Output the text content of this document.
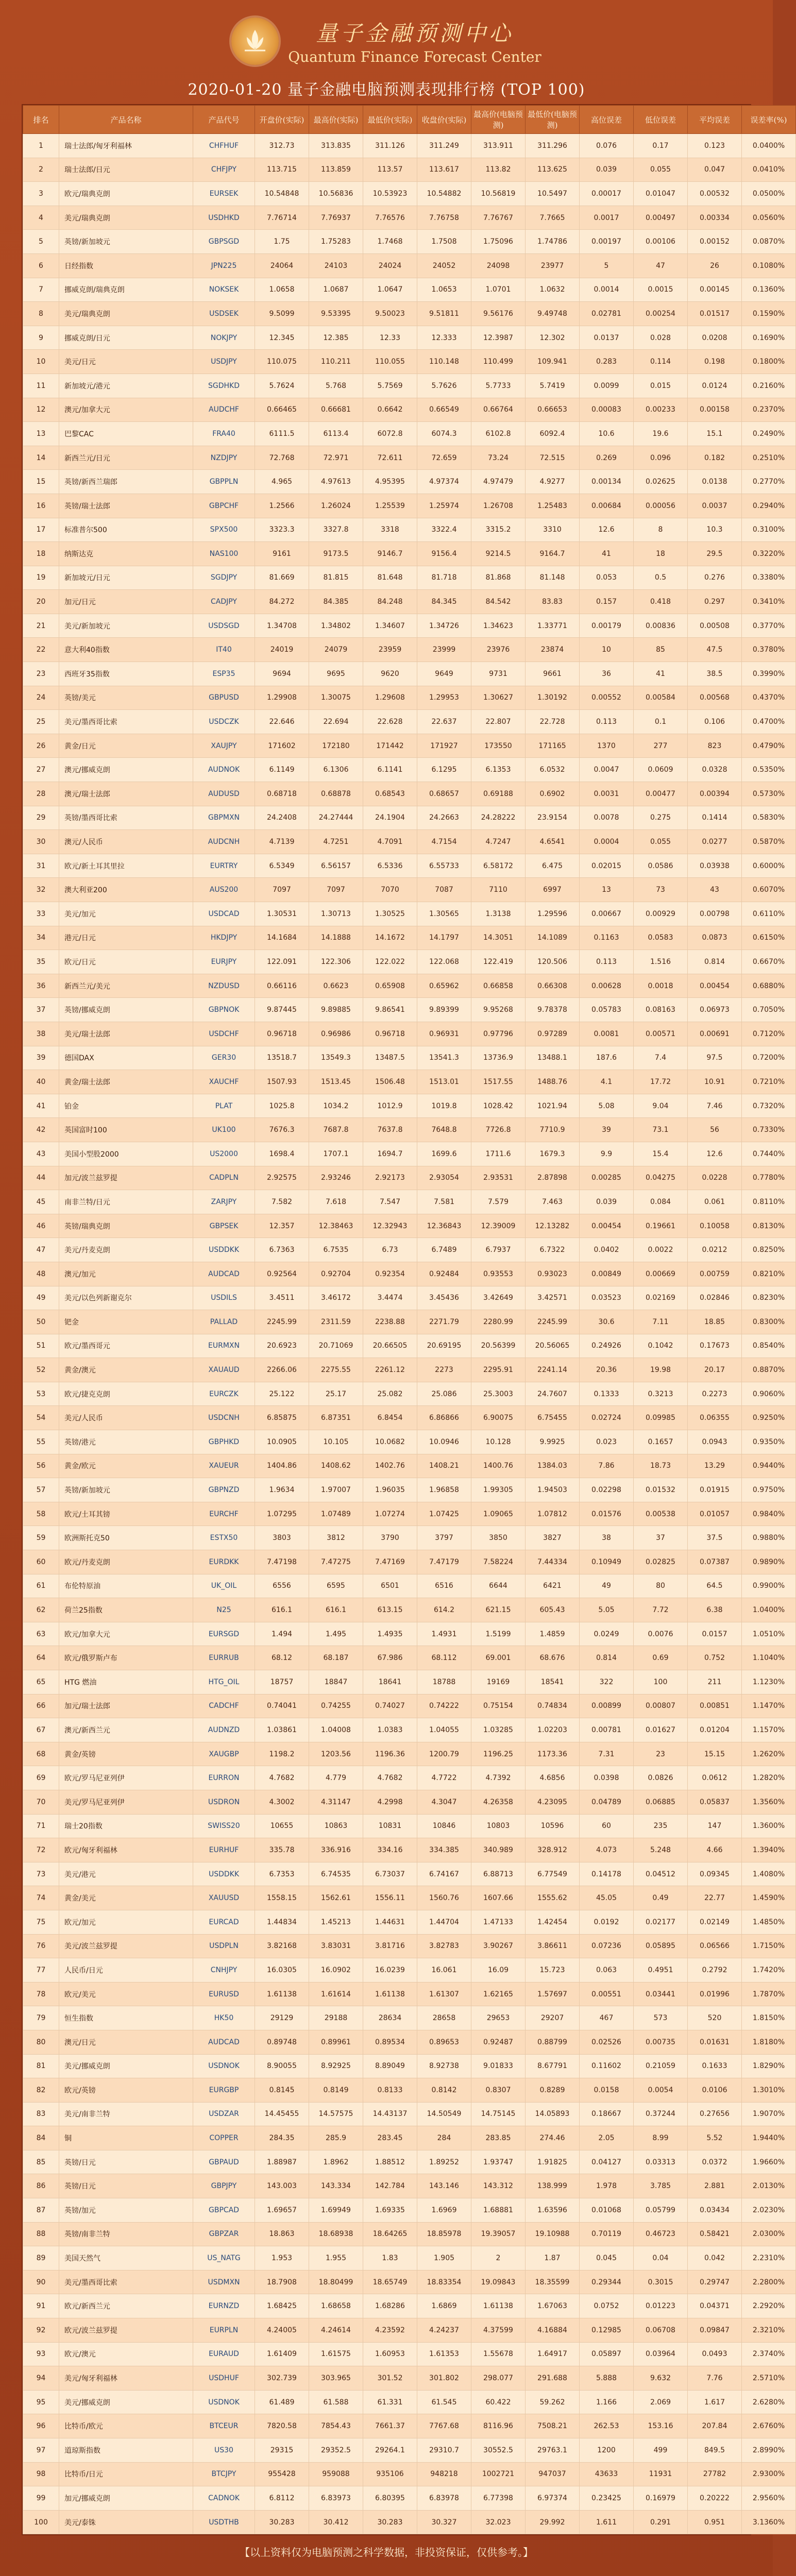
量子金融预测中心
Quantum Finance Forecast Center
2020-01-20 量子金融电脑预测表现排行榜 (TOP 100)
排名	产品名称	产品代号	开盘价(实际)	最高价(实际)	最低价(实际)	收盘价(实际)	最高价(电脑预测)	最低价(电脑预测)	高位误差	低位误差	平均误差	误差率(%)
1	瑞士法郎/匈牙利福林	CHFHUF	312.73	313.835	311.126	311.249	313.911	311.296	0.076	0.17	0.123	0.0400%
2	瑞士法郎/日元	CHFJPY	113.715	113.859	113.57	113.617	113.82	113.625	0.039	0.055	0.047	0.0410%
3	欧元/瑞典克朗	EURSEK	10.54848	10.56836	10.53923	10.54882	10.56819	10.5497	0.00017	0.01047	0.00532	0.0500%
4	美元/瑞典克朗	USDHKD	7.76714	7.76937	7.76576	7.76758	7.76767	7.7665	0.0017	0.00497	0.00334	0.0560%
5	英镑/新加坡元	GBPSGD	1.75	1.75283	1.7468	1.7508	1.75096	1.74786	0.00197	0.00106	0.00152	0.0870%
6	日经指数	JPN225	24064	24103	24024	24052	24098	23977	5	47	26	0.1080%
7	挪威克朗/瑞典克朗	NOKSEK	1.0658	1.0687	1.0647	1.0653	1.0701	1.0632	0.0014	0.0015	0.00145	0.1360%
8	美元/瑞典克朗	USDSEK	9.5099	9.53395	9.50023	9.51811	9.56176	9.49748	0.02781	0.00254	0.01517	0.1590%
9	挪威克朗/日元	NOKJPY	12.345	12.385	12.33	12.333	12.3987	12.302	0.0137	0.028	0.0208	0.1690%
10	美元/日元	USDJPY	110.075	110.211	110.055	110.148	110.499	109.941	0.283	0.114	0.198	0.1800%
11	新加坡元/港元	SGDHKD	5.7624	5.768	5.7569	5.7626	5.7733	5.7419	0.0099	0.015	0.0124	0.2160%
12	澳元/加拿大元	AUDCHF	0.66465	0.66681	0.6642	0.66549	0.66764	0.66653	0.00083	0.00233	0.00158	0.2370%
13	巴黎CAC	FRA40	6111.5	6113.4	6072.8	6074.3	6102.8	6092.4	10.6	19.6	15.1	0.2490%
14	新西兰元/日元	NZDJPY	72.768	72.971	72.611	72.659	73.24	72.515	0.269	0.096	0.182	0.2510%
15	英镑/新西兰瑞郎	GBPPLN	4.965	4.97613	4.95395	4.97374	4.97479	4.9277	0.00134	0.02625	0.0138	0.2770%
16	英镑/瑞士法郎	GBPCHF	1.2566	1.26024	1.25539	1.25974	1.26708	1.25483	0.00684	0.00056	0.0037	0.2940%
17	标准普尔500	SPX500	3323.3	3327.8	3318	3322.4	3315.2	3310	12.6	8	10.3	0.3100%
18	纳斯达克	NAS100	9161	9173.5	9146.7	9156.4	9214.5	9164.7	41	18	29.5	0.3220%
19	新加坡元/日元	SGDJPY	81.669	81.815	81.648	81.718	81.868	81.148	0.053	0.5	0.276	0.3380%
20	加元/日元	CADJPY	84.272	84.385	84.248	84.345	84.542	83.83	0.157	0.418	0.297	0.3410%
21	美元/新加坡元	USDSGD	1.34708	1.34802	1.34607	1.34726	1.34623	1.33771	0.00179	0.00836	0.00508	0.3770%
22	意大利40指数	IT40	24019	24079	23959	23999	23976	23874	10	85	47.5	0.3780%
23	西班牙35指数	ESP35	9694	9695	9620	9649	9731	9661	36	41	38.5	0.3990%
24	英镑/美元	GBPUSD	1.29908	1.30075	1.29608	1.29953	1.30627	1.30192	0.00552	0.00584	0.00568	0.4370%
25	美元/墨西哥比索	USDCZK	22.646	22.694	22.628	22.637	22.807	22.728	0.113	0.1	0.106	0.4700%
26	黄金/日元	XAUJPY	171602	172180	171442	171927	173550	171165	1370	277	823	0.4790%
27	澳元/挪威克朗	AUDNOK	6.1149	6.1306	6.1141	6.1295	6.1353	6.0532	0.0047	0.0609	0.0328	0.5350%
28	澳元/瑞士法郎	AUDUSD	0.68718	0.68878	0.68543	0.68657	0.69188	0.6902	0.0031	0.00477	0.00394	0.5730%
29	英镑/墨西哥比索	GBPMXN	24.2408	24.27444	24.1904	24.2663	24.28222	23.9154	0.0078	0.275	0.1414	0.5830%
30	澳元/人民币	AUDCNH	4.7139	4.7251	4.7091	4.7154	4.7247	4.6541	0.0004	0.055	0.0277	0.5870%
31	欧元/新土耳其里拉	EURTRY	6.5349	6.56157	6.5336	6.55733	6.58172	6.475	0.02015	0.0586	0.03938	0.6000%
32	澳大利亚200	AUS200	7097	7097	7070	7087	7110	6997	13	73	43	0.6070%
33	美元/加元	USDCAD	1.30531	1.30713	1.30525	1.30565	1.3138	1.29596	0.00667	0.00929	0.00798	0.6110%
34	港元/日元	HKDJPY	14.1684	14.1888	14.1672	14.1797	14.3051	14.1089	0.1163	0.0583	0.0873	0.6150%
35	欧元/日元	EURJPY	122.091	122.306	122.022	122.068	122.419	120.506	0.113	1.516	0.814	0.6670%
36	新西兰元/美元	NZDUSD	0.66116	0.6623	0.65908	0.65962	0.66858	0.66308	0.00628	0.0018	0.00454	0.6880%
37	英镑/挪威克朗	GBPNOK	9.87445	9.89885	9.86541	9.89399	9.95268	9.78378	0.05783	0.08163	0.06973	0.7050%
38	美元/瑞士法郎	USDCHF	0.96718	0.96986	0.96718	0.96931	0.97796	0.97289	0.0081	0.00571	0.00691	0.7120%
39	德国DAX	GER30	13518.7	13549.3	13487.5	13541.3	13736.9	13488.1	187.6	7.4	97.5	0.7200%
40	黄金/瑞士法郎	XAUCHF	1507.93	1513.45	1506.48	1513.01	1517.55	1488.76	4.1	17.72	10.91	0.7210%
41	铂金	PLAT	1025.8	1034.2	1012.9	1019.8	1028.42	1021.94	5.08	9.04	7.46	0.7320%
42	英国富时100	UK100	7676.3	7687.8	7637.8	7648.8	7726.8	7710.9	39	73.1	56	0.7330%
43	美国小型股2000	US2000	1698.4	1707.1	1694.7	1699.6	1711.6	1679.3	9.9	15.4	12.6	0.7440%
44	加元/波兰兹罗提	CADPLN	2.92575	2.93246	2.92173	2.93054	2.93531	2.87898	0.00285	0.04275	0.0228	0.7780%
45	南非兰特/日元	ZARJPY	7.582	7.618	7.547	7.581	7.579	7.463	0.039	0.084	0.061	0.8110%
46	英镑/瑞典克朗	GBPSEK	12.357	12.38463	12.32943	12.36843	12.39009	12.13282	0.00454	0.19661	0.10058	0.8130%
47	美元/丹麦克朗	USDDKK	6.7363	6.7535	6.73	6.7489	6.7937	6.7322	0.0402	0.0022	0.0212	0.8250%
48	澳元/加元	AUDCAD	0.92564	0.92704	0.92354	0.92484	0.93553	0.93023	0.00849	0.00669	0.00759	0.8210%
49	美元/以色列新谢克尔	USDILS	3.4511	3.46172	3.4474	3.45436	3.42649	3.42571	0.03523	0.02169	0.02846	0.8230%
50	钯金	PALLAD	2245.99	2311.59	2238.88	2271.79	2280.99	2245.99	30.6	7.11	18.85	0.8300%
51	欧元/墨西哥元	EURMXN	20.6923	20.71069	20.66505	20.69195	20.56399	20.56065	0.24926	0.1042	0.17673	0.8540%
52	黄金/澳元	XAUAUD	2266.06	2275.55	2261.12	2273	2295.91	2241.14	20.36	19.98	20.17	0.8870%
53	欧元/捷克克朗	EURCZK	25.122	25.17	25.082	25.086	25.3003	24.7607	0.1333	0.3213	0.2273	0.9060%
54	美元/人民币	USDCNH	6.85875	6.87351	6.8454	6.86866	6.90075	6.75455	0.02724	0.09985	0.06355	0.9250%
55	英镑/港元	GBPHKD	10.0905	10.105	10.0682	10.0946	10.128	9.9925	0.023	0.1657	0.0943	0.9350%
56	黄金/欧元	XAUEUR	1404.86	1408.62	1402.76	1408.21	1400.76	1384.03	7.86	18.73	13.29	0.9440%
57	英镑/新加坡元	GBPNZD	1.9634	1.97007	1.96035	1.96858	1.99305	1.94503	0.02298	0.01532	0.01915	0.9750%
58	欧元/土耳其镑	EURCHF	1.07295	1.07489	1.07274	1.07425	1.09065	1.07812	0.01576	0.00538	0.01057	0.9840%
59	欧洲斯托克50	ESTX50	3803	3812	3790	3797	3850	3827	38	37	37.5	0.9880%
60	欧元/丹麦克朗	EURDKK	7.47198	7.47275	7.47169	7.47179	7.58224	7.44334	0.10949	0.02825	0.07387	0.9890%
61	布伦特原油	UK_OIL	6556	6595	6501	6516	6644	6421	49	80	64.5	0.9900%
62	荷兰25指数	N25	616.1	616.1	613.15	614.2	621.15	605.43	5.05	7.72	6.38	1.0400%
63	欧元/加拿大元	EURSGD	1.494	1.495	1.4935	1.4931	1.5199	1.4859	0.0249	0.0076	0.0157	1.0510%
64	欧元/俄罗斯卢布	EURRUB	68.12	68.187	67.986	68.112	69.001	68.676	0.814	0.69	0.752	1.1040%
65	HTG 燃油	HTG_OIL	18757	18847	18641	18788	19169	18541	322	100	211	1.1230%
66	加元/瑞士法郎	CADCHF	0.74041	0.74255	0.74027	0.74222	0.75154	0.74834	0.00899	0.00807	0.00851	1.1470%
67	澳元/新西兰元	AUDNZD	1.03861	1.04008	1.0383	1.04055	1.03285	1.02203	0.00781	0.01627	0.01204	1.1570%
68	黄金/英镑	XAUGBP	1198.2	1203.56	1196.36	1200.79	1196.25	1173.36	7.31	23	15.15	1.2620%
69	欧元/罗马尼亚列伊	EURRON	4.7682	4.779	4.7682	4.7722	4.7392	4.6856	0.0398	0.0826	0.0612	1.2820%
70	美元/罗马尼亚列伊	USDRON	4.3002	4.31147	4.2998	4.3047	4.26358	4.23095	0.04789	0.06885	0.05837	1.3560%
71	瑞士20指数	SWISS20	10655	10863	10831	10846	10803	10596	60	235	147	1.3600%
72	欧元/匈牙利福林	EURHUF	335.78	336.916	334.16	334.385	340.989	328.912	4.073	5.248	4.66	1.3940%
73	美元/港元	USDDKK	6.7353	6.74535	6.73037	6.74167	6.88713	6.77549	0.14178	0.04512	0.09345	1.4080%
74	黄金/美元	XAUUSD	1558.15	1562.61	1556.11	1560.76	1607.66	1555.62	45.05	0.49	22.77	1.4590%
75	欧元/加元	EURCAD	1.44834	1.45213	1.44631	1.44704	1.47133	1.42454	0.0192	0.02177	0.02149	1.4850%
76	美元/波兰兹罗提	USDPLN	3.82168	3.83031	3.81716	3.82783	3.90267	3.86611	0.07236	0.05895	0.06566	1.7150%
77	人民币/日元	CNHJPY	16.0305	16.0902	16.0239	16.061	16.09	15.723	0.063	0.4951	0.2792	1.7420%
78	欧元/美元	EURUSD	1.61138	1.61614	1.61138	1.61307	1.62165	1.57697	0.00551	0.03441	0.01996	1.7870%
79	恒生指数	HK50	29129	29188	28634	28658	29653	29207	467	573	520	1.8150%
80	澳元/日元	AUDCAD	0.89748	0.89961	0.89534	0.89653	0.92487	0.88799	0.02526	0.00735	0.01631	1.8180%
81	美元/挪威克朗	USDNOK	8.90055	8.92925	8.89049	8.92738	9.01833	8.67791	0.11602	0.21059	0.1633	1.8290%
82	欧元/英镑	EURGBP	0.8145	0.8149	0.8133	0.8142	0.8307	0.8289	0.0158	0.0054	0.0106	1.3010%
83	美元/南非兰特	USDZAR	14.45455	14.57575	14.43137	14.50549	14.75145	14.05893	0.18667	0.37244	0.27656	1.9070%
84	铜	COPPER	284.35	285.9	283.45	284	283.85	274.46	2.05	8.99	5.52	1.9440%
85	英镑/日元	GBPAUD	1.88987	1.8962	1.88512	1.89252	1.93747	1.91825	0.04127	0.03313	0.0372	1.9660%
86	英镑/日元	GBPJPY	143.003	143.334	142.784	143.146	143.312	138.999	1.978	3.785	2.881	2.0130%
87	英镑/加元	GBPCAD	1.69657	1.69949	1.69335	1.6969	1.68881	1.63596	0.01068	0.05799	0.03434	2.0230%
88	英镑/南非兰特	GBPZAR	18.863	18.68938	18.64265	18.85978	19.39057	19.10988	0.70119	0.46723	0.58421	2.0300%
89	美国天然气	US_NATG	1.953	1.955	1.83	1.905	2	1.87	0.045	0.04	0.042	2.2310%
90	美元/墨西哥比索	USDMXN	18.7908	18.80499	18.65749	18.83354	19.09843	18.35599	0.29344	0.3015	0.29747	2.2800%
91	欧元/新西兰元	EURNZD	1.68425	1.68658	1.68286	1.6869	1.61138	1.67063	0.0752	0.01223	0.04371	2.2920%
92	欧元/波兰兹罗提	EURPLN	4.24005	4.24614	4.23592	4.24237	4.37599	4.16884	0.12985	0.06708	0.09847	2.3210%
93	欧元/澳元	EURAUD	1.61409	1.61575	1.60953	1.61353	1.55678	1.64917	0.05897	0.03964	0.0493	2.3740%
94	美元/匈牙利福林	USDHUF	302.739	303.965	301.52	301.802	298.077	291.688	5.888	9.632	7.76	2.5710%
95	美元/挪威克朗	USDNOK	61.489	61.588	61.331	61.545	60.422	59.262	1.166	2.069	1.617	2.6280%
96	比特币/欧元	BTCEUR	7820.58	7854.43	7661.37	7767.68	8116.96	7508.21	262.53	153.16	207.84	2.6760%
97	道琼斯指数	US30	29315	29352.5	29264.1	29310.7	30552.5	29763.1	1200	499	849.5	2.8990%
98	比特币/日元	BTCJPY	955428	959088	935106	948218	1002721	947037	43633	11931	27782	2.9300%
99	加元/挪威克朗	CADNOK	6.8112	6.83973	6.80395	6.83978	6.77398	6.97374	0.23425	0.16979	0.20222	2.9560%
100	美元/泰铢	USDTHB	30.283	30.412	30.283	30.327	32.023	29.992	1.611	0.291	0.951	3.1360%
【以上资料仅为电脑预测之科学数据，非投资保证，仅供参考。】
